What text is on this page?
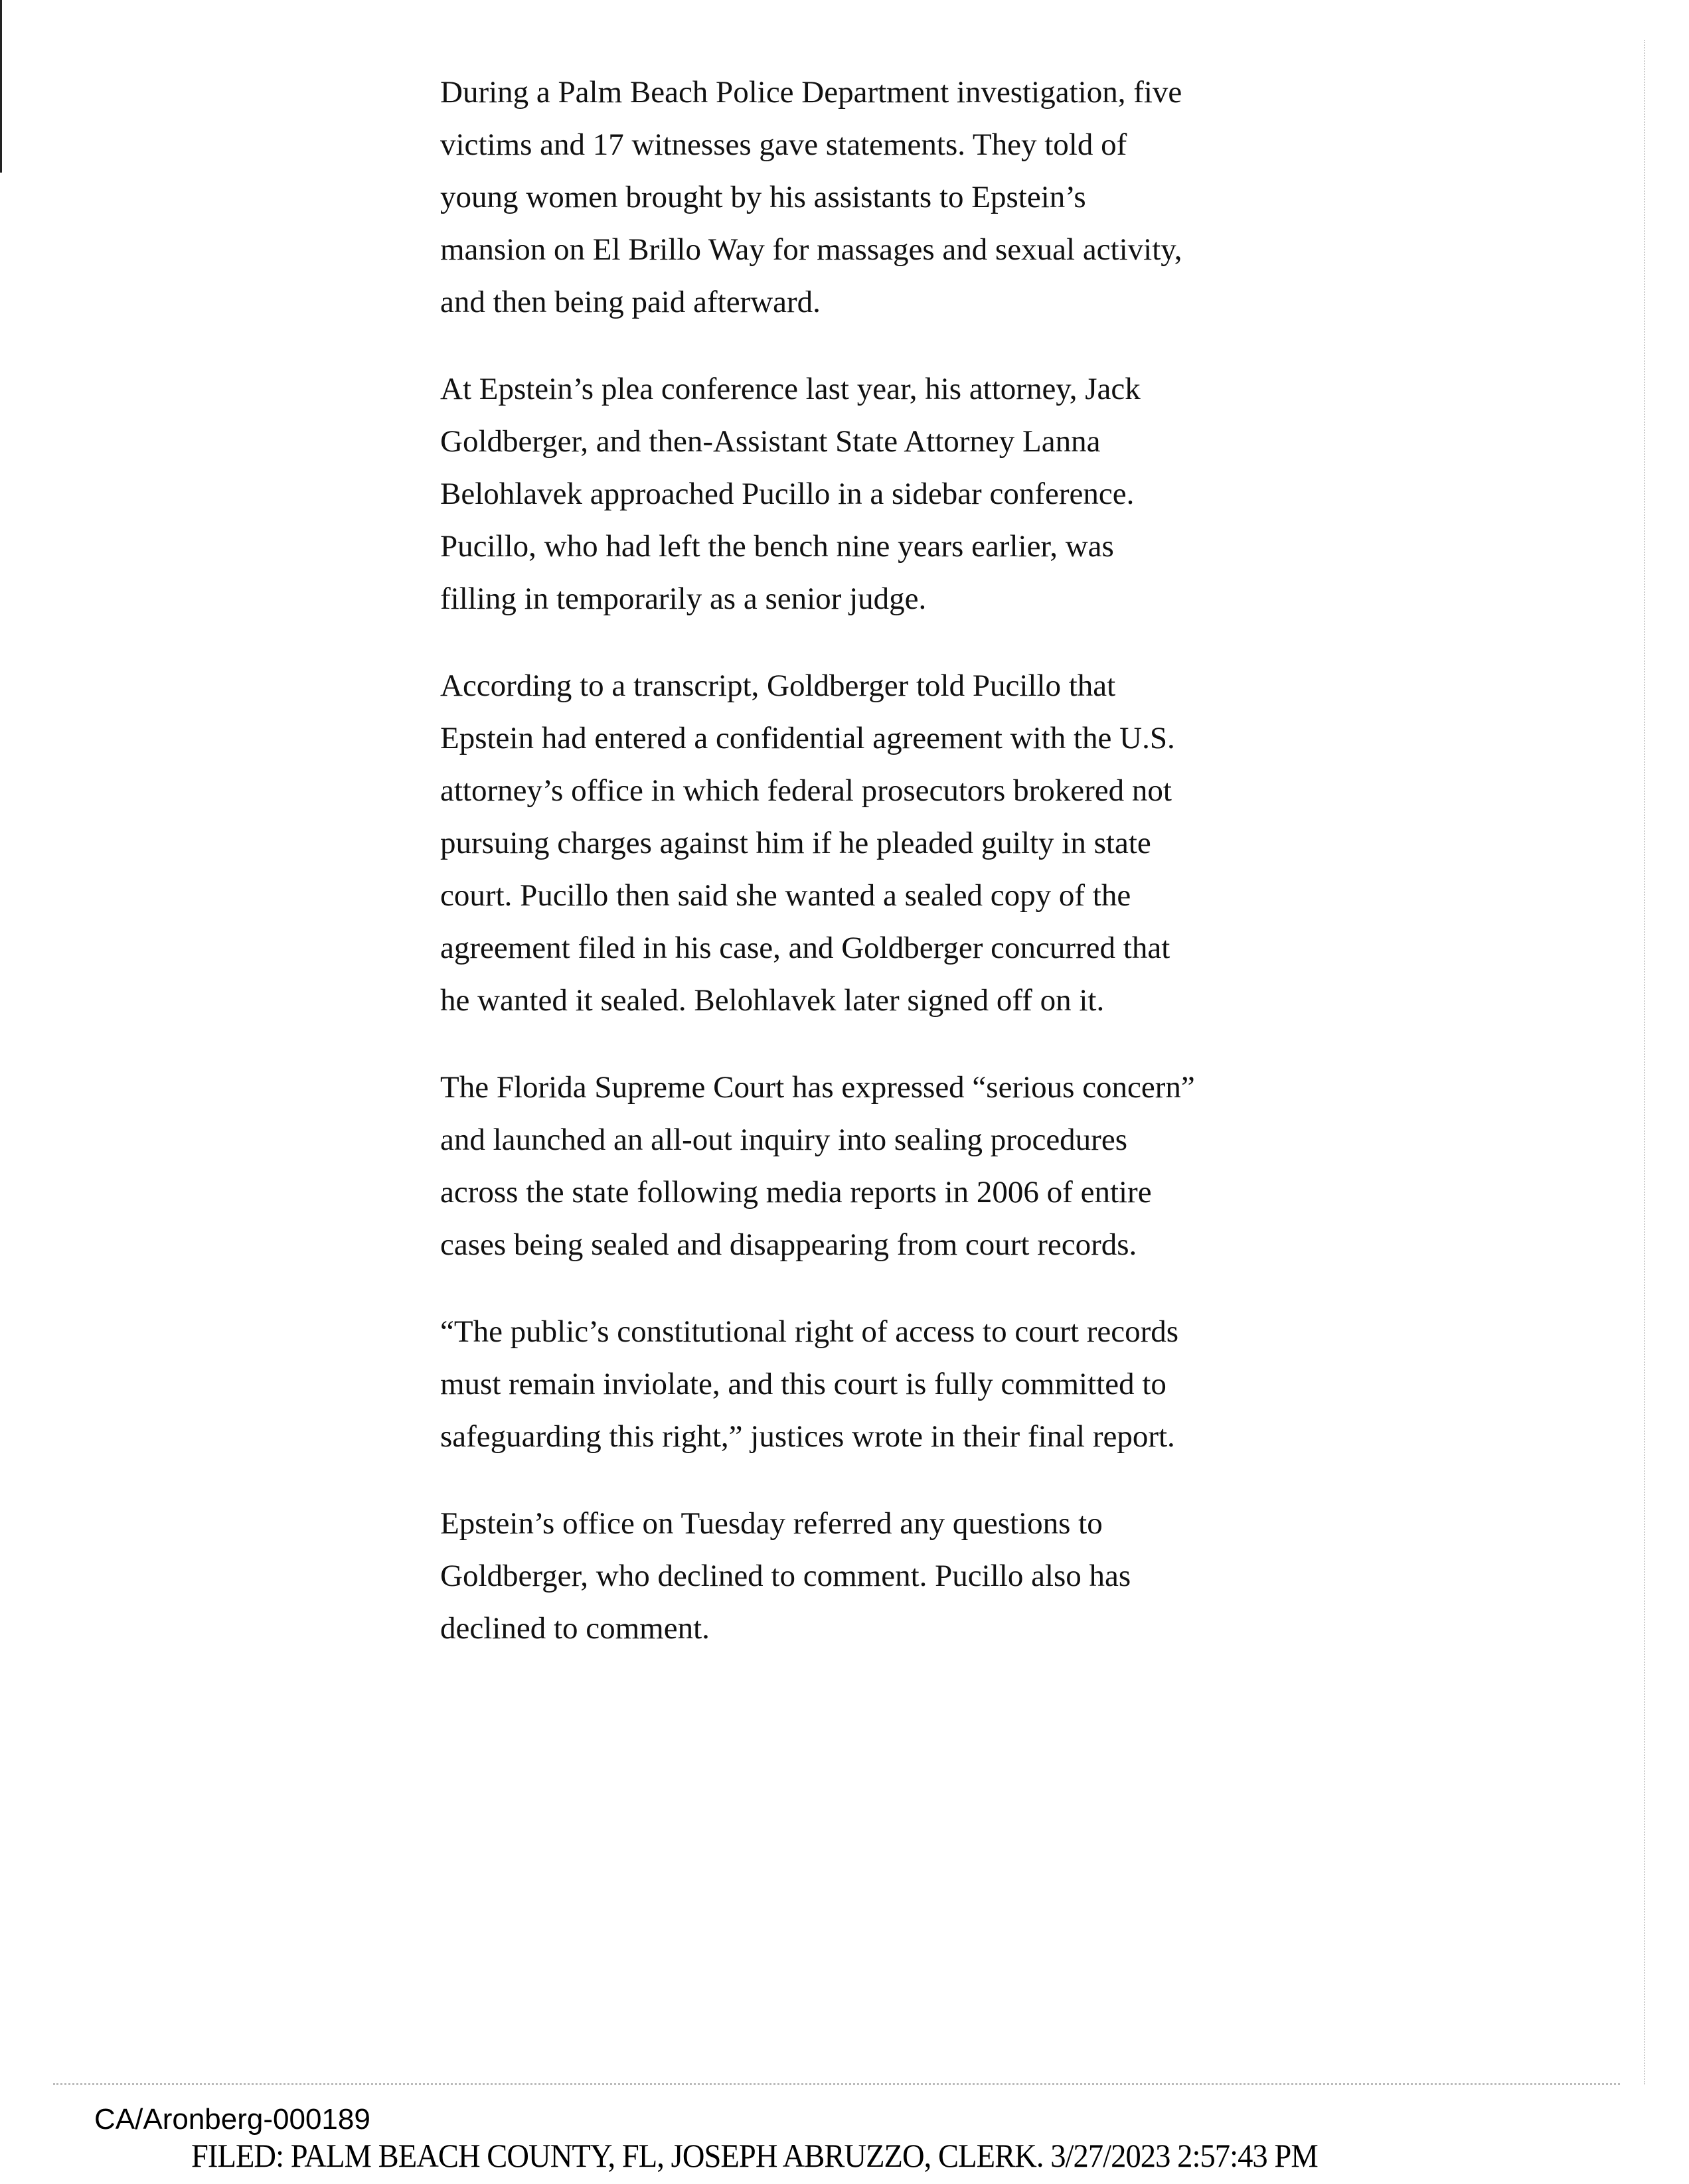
During a Palm Beach Police Department investigation, five
victims and 17 witnesses gave statements. They told of
young women brought by his assistants to Epstein’s
mansion on El Brillo Way for massages and sexual activity,
and then being paid afterward.

At Epstein’s plea conference last year, his attorney, Jack
Goldberger, and then-Assistant State Attorney Lanna
Belohlavek approached Pucillo in a sidebar conference.
Pucillo, who had left the bench nine years earlier, was
filling in temporarily as a senior judge.

According to a transcript, Goldberger told Pucillo that
Epstein had entered a confidential agreement with the U.S.
attorney’s office in which federal prosecutors brokered not
pursuing charges against him if he pleaded guilty in state
court. Pucillo then said she wanted a sealed copy of the
agreement filed in his case, and Goldberger concurred that
he wanted it sealed. Belohlavek later signed off on it.

The Florida Supreme Court has expressed “serious concern”
and launched an all-out inquiry into sealing procedures
across the state following media reports in 2006 of entire
cases being sealed and disappearing from court records.

“The public’s constitutional right of access to court records
must remain inviolate, and this court is fully committed to
safeguarding this right,” justices wrote in their final report.

Epstein’s office on Tuesday referred any questions to
Goldberger, who declined to comment. Pucillo also has
declined to comment.

CA/Aronberg-000189
FILED: PALM BEACH COUNTY, FL, JOSEPH ABRUZZO, CLERK. 3/27/2023 2:57:43 PM
